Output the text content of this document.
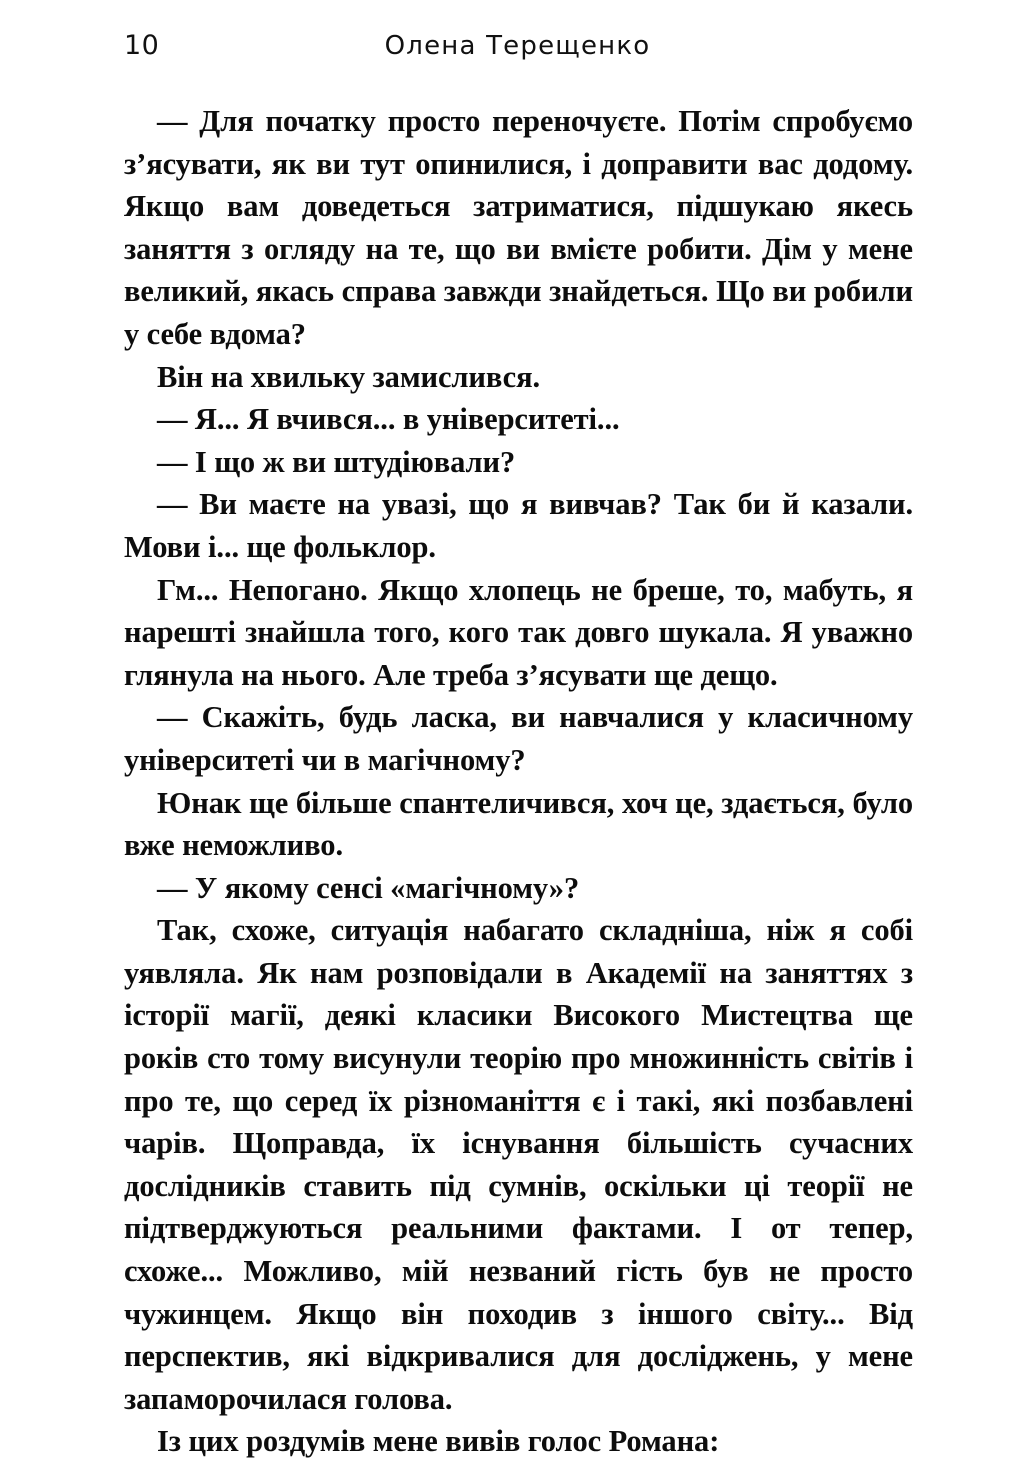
10	Олена Терещенко

— Для початку просто переночуєте. Потім спробуємо з’ясувати, як ви тут опинилися, і доправити вас додому. Якщо вам доведеться затриматися, підшукаю якесь заняття з огляду на те, що ви вмієте робити. Дім у мене великий, якась справа завжди знайдеться. Що ви робили у себе вдома?

Він на хвильку замислився.

— Я... Я вчився... в університеті...

— І що ж ви штудіювали?

— Ви маєте на увазі, що я вивчав? Так би й казали. Мови і... ще фольклор.

Гм... Непогано. Якщо хлопець не бреше, то, мабуть, я нарешті знайшла того, кого так довго шукала. Я уважно глянула на нього. Але треба з’ясувати ще дещо.

— Скажіть, будь ласка, ви навчалися у класичному університеті чи в магічному?

Юнак ще більше спантеличився, хоч це, здається, було вже неможливо.

— У якому сенсі «магічному»?

Так, схоже, ситуація набагато складніша, ніж я собі уявляла. Як нам розповідали в Академії на заняттях з історії магії, деякі класики Високого Мистецтва ще років сто тому висунули теорію про множинність світів і про те, що серед їх різноманіття є і такі, які позбавлені чарів. Щоправда, їх існування більшість сучасних дослідників ставить під сумнів, оскільки ці теорії не підтверджуються реальними фактами. І от тепер, схоже... Можливо, мій незваний гість був не просто чужинцем. Якщо він походив з іншого світу... Від перспектив, які відкривалися для досліджень, у мене запаморочилася голова.

Із цих роздумів мене вивів голос Романа:
